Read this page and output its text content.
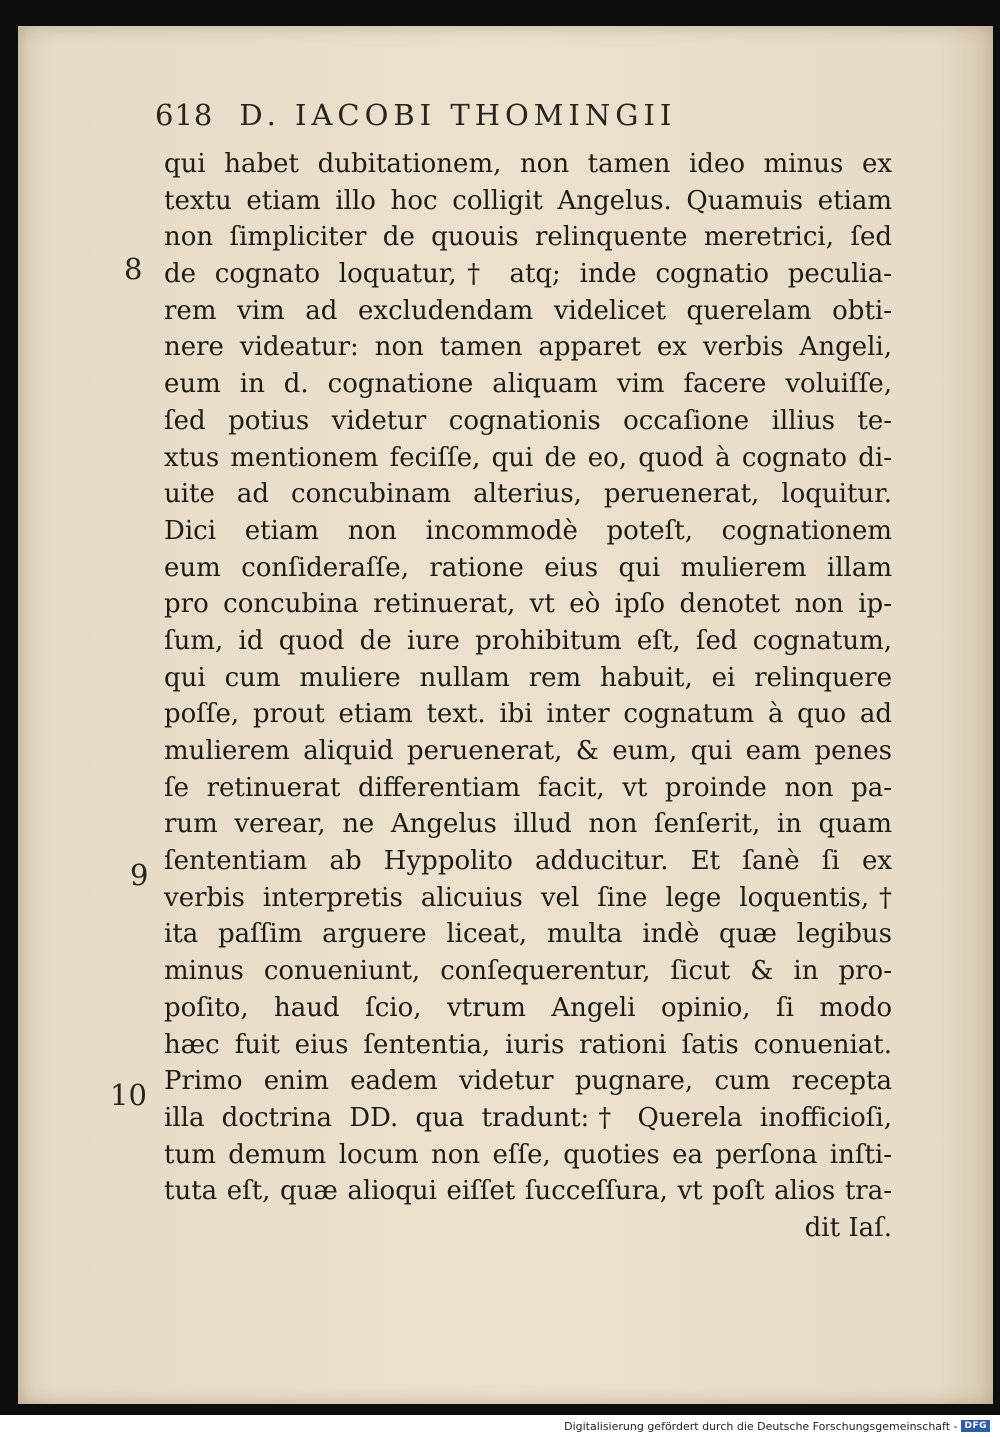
618 D. IACOBI THOMINGII
8
9
10
qui habet dubitationem, non tamen ideo minus ex
textu etiam illo hoc colligit Angelus. Quamuis etiam
non ſimpliciter de quouis relinquente meretrici, ſed
de cognato loquatur,† atq; inde cognatio peculia-
rem vim ad excludendam videlicet querelam obti-
nere videatur: non tamen apparet ex verbis Angeli,
eum in d. cognatione aliquam vim facere voluiſſe,
ſed potius videtur cognationis occaſione illius te-
xtus mentionem feciſſe, qui de eo, quod à cognato di-
uite ad concubinam alterius, peruenerat, loquitur.
Dici etiam non incommodè poteſt, cognationem
eum conſideraſſe, ratione eius qui mulierem illam
pro concubina retinuerat, vt eò ipſo denotet non ip-
ſum, id quod de iure prohibitum eſt, ſed cognatum,
qui cum muliere nullam rem habuit, ei relinquere
poſſe, prout etiam text. ibi inter cognatum à quo ad
mulierem aliquid peruenerat, & eum, qui eam penes
ſe retinuerat differentiam facit, vt proinde non pa-
rum verear, ne Angelus illud non ſenſerit, in quam
ſententiam ab Hyppolito adducitur. Et ſanè ſi ex
verbis interpretis alicuius vel ſine lege loquentis,†
ita paſſim arguere liceat, multa indè quæ legibus
minus conueniunt, conſequerentur, ſicut & in pro-
poſito, haud ſcio, vtrum Angeli opinio, ſi modo
hæc fuit eius ſententia, iuris rationi ſatis conueniat.
Primo enim eadem videtur pugnare, cum recepta
illa doctrina DD. qua tradunt:† Querela inofficioſi,
tum demum locum non eſſe, quoties ea perſona inſti-
tuta eſt, quæ alioqui eiſſet ſucceſſura, vt poſt alios tra-
dit Iaſ.
Digitalisierung gefördert durch die Deutsche Forschungsgemeinschaft - DFG
